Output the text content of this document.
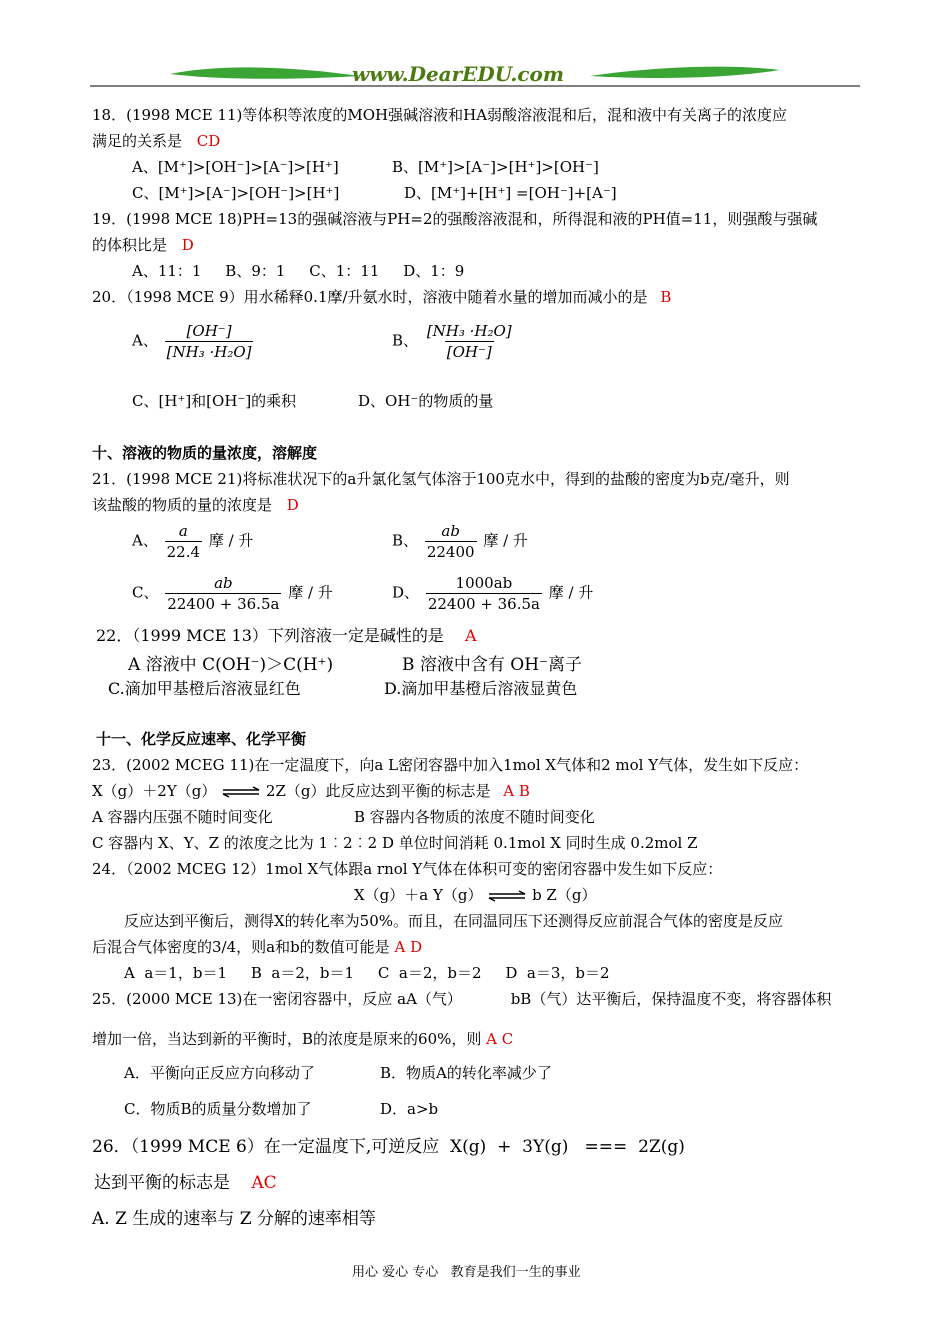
www.DearEDU.com
18．(1998 MCE 11)等体积等浓度的MOH强碱溶液和HA弱酸溶液混和后，混和液中有关离子的浓度应
满足的关系是 CD
A、[M⁺]>[OH⁻]>[A⁻]>[H⁺]	B、[M⁺]>[A⁻]>[H⁺]>[OH⁻]
C、[M⁺]>[A⁻]>[OH⁻]>[H⁺]	D、[M⁺]+[H⁺] =[OH⁻]+[A⁻]
19．(1998 MCE 18)PH=13的强碱溶液与PH=2的强酸溶液混和，所得混和液的PH值=11，则强酸与强碱
的体积比是 D
A、11：1     B、9：1     C、1：11     D、1：9
20．（1998 MCE 9）用水稀释0.1摩/升氨水时，溶液中随着水量的增加而减小的是 B
A、 $\frac{[OH^-]}{\text{[NH₃ ·H₂O]}}$	B、 $\frac{\text{[NH₃ ·H₂O]}}{[OH^-]}$
C、[H⁺]和[OH⁻]的乘积	D、OH⁻的物质的量
十、溶液的物质的量浓度，溶解度
21．(1998 MCE 21)将标准状况下的a升氯化氢气体溶于100克水中，得到的盐酸的密度为b克/毫升，则
该盐酸的物质的量的浓度是 D
A、 $\frac{a}{22.4}$ 摩 / 升	B、 $\frac{ab}{22400}$ 摩 / 升
C、 $\frac{ab}{22400 + 36.5a}$ 摩 / 升	D、 $\frac{1000ab}{22400 + 36.5a}$ 摩 / 升
22．（1999 MCE 13）下列溶液一定是碱性的是 A
A 溶液中 C(OH⁻)＞C(H⁺)	B 溶液中含有 OH⁻离子
C.滴加甲基橙后溶液显红色	D.滴加甲基橙后溶液显黄色
十一、化学反应速率、化学平衡
23．(2002 MCEG 11)在一定温度下，向a L密闭容器中加入1mol X气体和2 mol Y气体，发生如下反应：
X（g）＋2Y（g） ⇌ 2Z（g）此反应达到平衡的标志是 A B
A 容器内压强不随时间变化	B 容器内各物质的浓度不随时间变化
C 容器内 X、Y、Z 的浓度之比为 1︰2︰2 D 单位时间消耗 0.1mol X 同时生成 0.2mol Z
24．（2002 MCEG 12）1mol X气体跟a rnol Y气体在体积可变的密闭容器中发生如下反应：
X（g）＋a Y（g） ⇌ b Z（g）
反应达到平衡后，测得X的转化率为50%。而且，在同温同压下还测得反应前混合气体的密度是反应
后混合气体密度的3/4，则a和b的数值可能是 A D
A  a＝1，b＝1     B  a＝2，b＝1     C  a＝2，b＝2     D  a＝3，b＝2
25．(2000 MCE 13)在一密闭容器中，反应 aA（气）	bB（气）达平衡后，保持温度不变，将容器体积
增加一倍，当达到新的平衡时，B的浓度是原来的60%，则 A C
A．平衡向正反应方向移动了	B．物质A的转化率减少了
C．物质B的质量分数增加了	D．a>b
26．（1999 MCE 6）在一定温度下,可逆反应  X(g)  +  3Y(g)   ===  2Z(g)
达到平衡的标志是 AC
A. Z 生成的速率与 Z 分解的速率相等
用心 爱心 专心   教育是我们一生的事业
